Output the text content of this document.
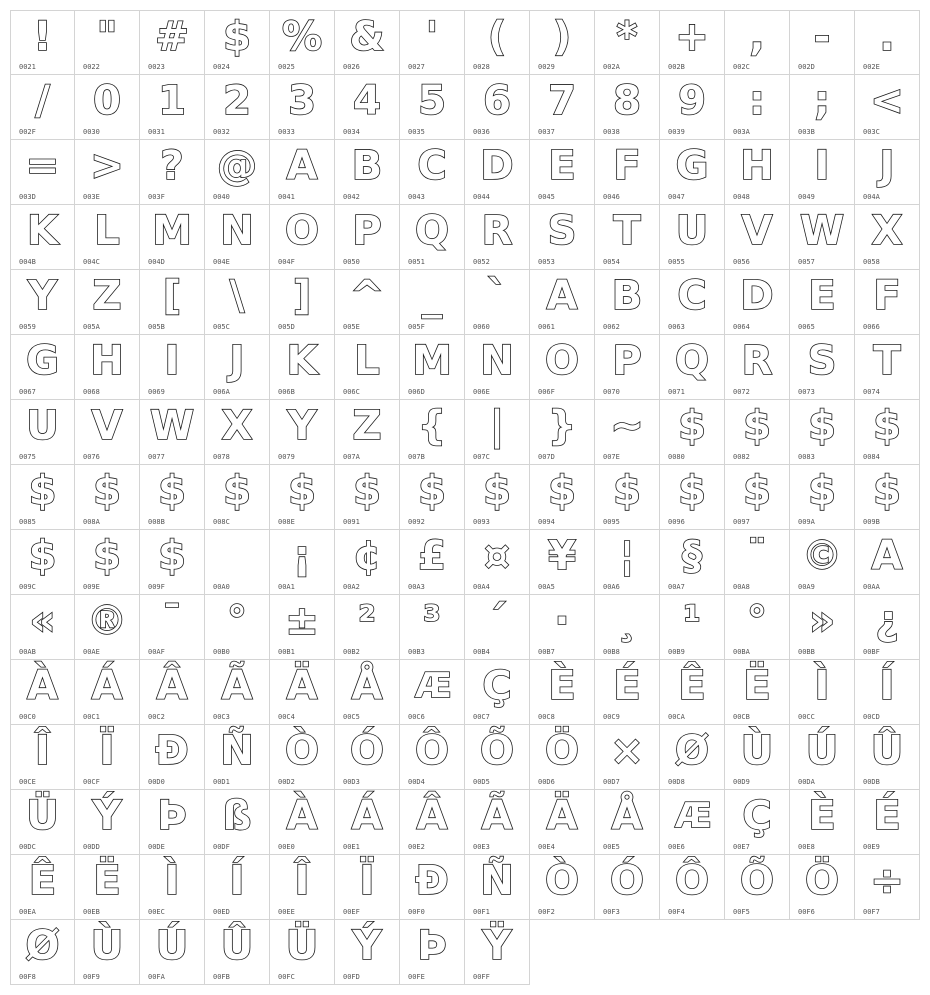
!
0021
"
0022
#
0023
$
0024
%
0025
&
0026
'
0027
(
0028
)
0029
*
002A
+
002B
,
002C
-
002D
.
002E
/
002F
0
0030
1
0031
2
0032
3
0033
4
0034
5
0035
6
0036
7
0037
8
0038
9
0039
:
003A
;
003B
<
003C
=
003D
>
003E
?
003F
@
0040
A
0041
B
0042
C
0043
D
0044
E
0045
F
0046
G
0047
H
0048
I
0049
J
004A
K
004B
L
004C
M
004D
N
004E
O
004F
P
0050
Q
0051
R
0052
S
0053
T
0054
U
0055
V
0056
W
0057
X
0058
Y
0059
Z
005A
[
005B
\
005C
]
005D
^
005E
_
005F
`
0060
A
0061
B
0062
C
0063
D
0064
E
0065
F
0066
G
0067
H
0068
I
0069
J
006A
K
006B
L
006C
M
006D
N
006E
O
006F
P
0070
Q
0071
R
0072
S
0073
T
0074
U
0075
V
0076
W
0077
X
0078
Y
0079
Z
007A
{
007B
|
007C
}
007D
~
007E
$
0080
$
0082
$
0083
$
0084
$
0085
$
008A
$
008B
$
008C
$
008E
$
0091
$
0092
$
0093
$
0094
$
0095
$
0096
$
0097
$
009A
$
009B
$
009C
$
009E
$
009F	00A0
¡
00A1
¢
00A2
£
00A3
¤
00A4
¥
00A5
¦
00A6
§
00A7
¨
00A8
©
00A9
A
00AA
«
00AB
®
00AE
¯
00AF
°
00B0
±
00B1
²
00B2
³
00B3
´
00B4
·
00B7
¸
00B8
¹
00B9
°
00BA
»
00BB
¿
00BF
À
00C0
Á
00C1
Â
00C2
Ã
00C3
Ä
00C4
Å
00C5
Æ
00C6
Ç
00C7
È
00C8
É
00C9
Ê
00CA
Ë
00CB
Ì
00CC
Í
00CD
Î
00CE
Ï
00CF
Ð
00D0
Ñ
00D1
Ò
00D2
Ó
00D3
Ô
00D4
Õ
00D5
Ö
00D6
×
00D7
Ø
00D8
Ù
00D9
Ú
00DA
Û
00DB
Ü
00DC
Ý
00DD
Þ
00DE
ß
00DF
À
00E0
Á
00E1
Â
00E2
Ã
00E3
Ä
00E4
Å
00E5
Æ
00E6
Ç
00E7
È
00E8
É
00E9
Ê
00EA
Ë
00EB
Ì
00EC
Í
00ED
Î
00EE
Ï
00EF
Ð
00F0
Ñ
00F1
Ò
00F2
Ó
00F3
Ô
00F4
Õ
00F5
Ö
00F6
÷
00F7
Ø
00F8
Ù
00F9
Ú
00FA
Û
00FB
Ü
00FC
Ý
00FD
Þ
00FE
Ÿ
00FF
